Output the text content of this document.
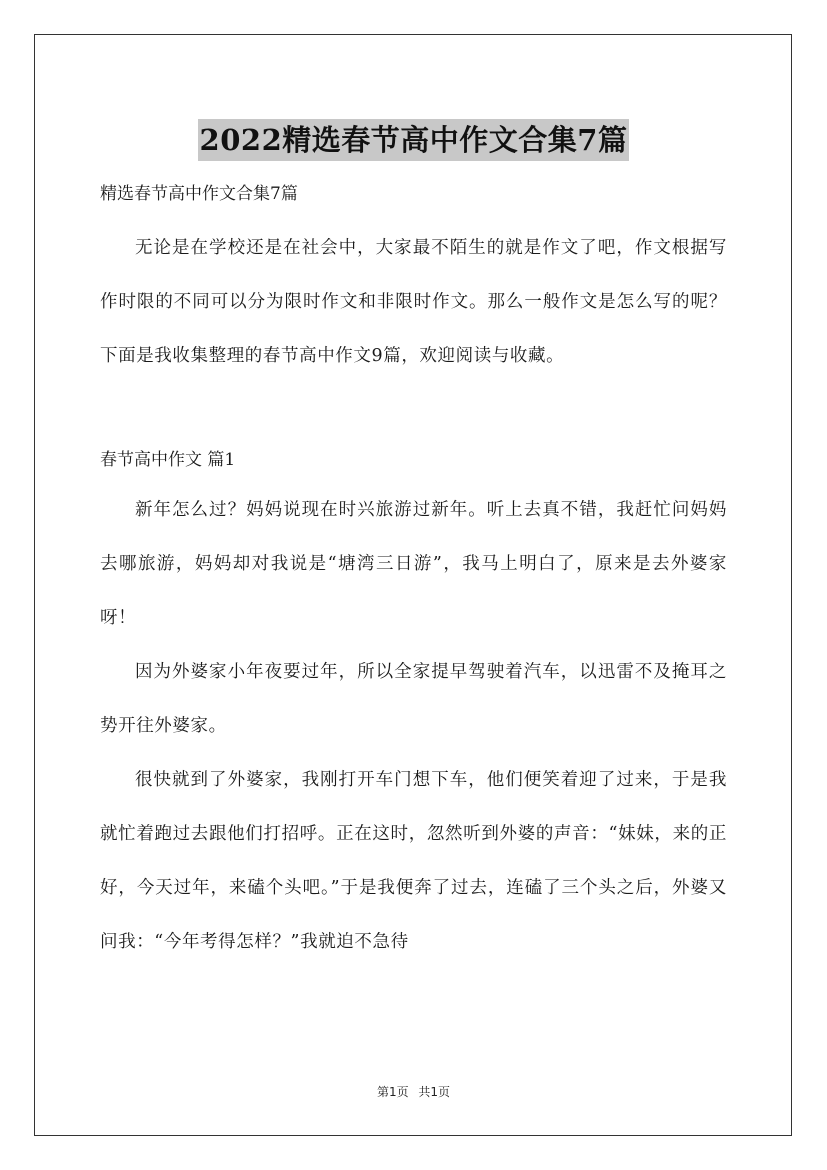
2022精选春节高中作文合集7篇

精选春节高中作文合集7篇

无论是在学校还是在社会中，大家最不陌生的就是作文了吧，作文根据写作时限的不同可以分为限时作文和非限时作文。那么一般作文是怎么写的呢？下面是我收集整理的春节高中作文9篇，欢迎阅读与收藏。

春节高中作文 篇1

新年怎么过？妈妈说现在时兴旅游过新年。听上去真不错，我赶忙问妈妈去哪旅游，妈妈却对我说是“塘湾三日游”，我马上明白了，原来是去外婆家呀！

因为外婆家小年夜要过年，所以全家提早驾驶着汽车，以迅雷不及掩耳之势开往外婆家。

很快就到了外婆家，我刚打开车门想下车，他们便笑着迎了过来，于是我就忙着跑过去跟他们打招呼。正在这时，忽然听到外婆的声音：“妹妹，来的正好，今天过年，来磕个头吧。”于是我便奔了过去，连磕了三个头之后，外婆又问我：“今年考得怎样？”我就迫不急待

第1页 共1页
